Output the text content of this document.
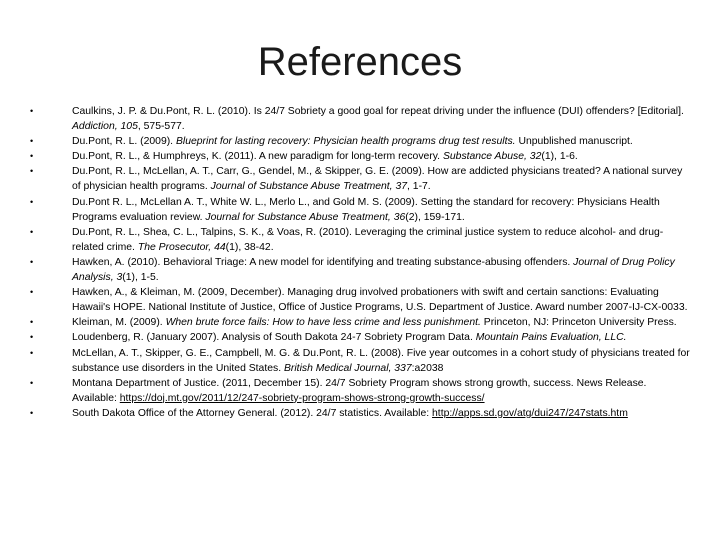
References
•	Caulkins, J. P. & Du.Pont, R. L. (2010). Is 24/7 Sobriety a good goal for repeat driving under the influence (DUI) offenders? [Editorial]. Addiction, 105, 575-577.
•	Du.Pont, R. L. (2009). Blueprint for lasting recovery: Physician health programs drug test results. Unpublished manuscript.
•	Du.Pont, R. L., & Humphreys, K. (2011). A new paradigm for long-term recovery. Substance Abuse, 32(1), 1-6.
•	Du.Pont, R. L., McLellan, A. T., Carr, G., Gendel, M., & Skipper, G. E. (2009). How are addicted physicians treated? A national survey of physician health programs. Journal of Substance Abuse Treatment, 37, 1-7.
•	Du.Pont R. L., McLellan A. T., White W. L., Merlo L., and Gold M. S. (2009). Setting the standard for recovery: Physicians Health Programs evaluation review. Journal for Substance Abuse Treatment, 36(2), 159-171.
•	Du.Pont, R. L., Shea, C. L., Talpins, S. K., & Voas, R. (2010). Leveraging the criminal justice system to reduce alcohol- and drug-related crime. The Prosecutor, 44(1), 38-42.
•	Hawken, A. (2010). Behavioral Triage: A new model for identifying and treating substance-abusing offenders. Journal of Drug Policy Analysis, 3(1), 1-5.
•	Hawken, A., & Kleiman, M. (2009, December). Managing drug involved probationers with swift and certain sanctions: Evaluating Hawaii's HOPE. National Institute of Justice, Office of Justice Programs, U.S. Department of Justice. Award number 2007-IJ-CX-0033.
•	Kleiman, M. (2009). When brute force fails: How to have less crime and less punishment. Princeton, NJ: Princeton University Press.
•	Loudenberg, R. (January 2007). Analysis of South Dakota 24-7 Sobriety Program Data. Mountain Pains Evaluation, LLC.
•	McLellan, A. T., Skipper, G. E., Campbell, M. G. & Du.Pont, R. L. (2008). Five year outcomes in a cohort study of physicians treated for substance use disorders in the United States. British Medical Journal, 337:a2038
•	Montana Department of Justice. (2011, December 15). 24/7 Sobriety Program shows strong growth, success. News Release. Available: https://doj.mt.gov/2011/12/247-sobriety-program-shows-strong-growth-success/
•	South Dakota Office of the Attorney General. (2012). 24/7 statistics. Available: http://apps.sd.gov/atg/dui247/247stats.htm
